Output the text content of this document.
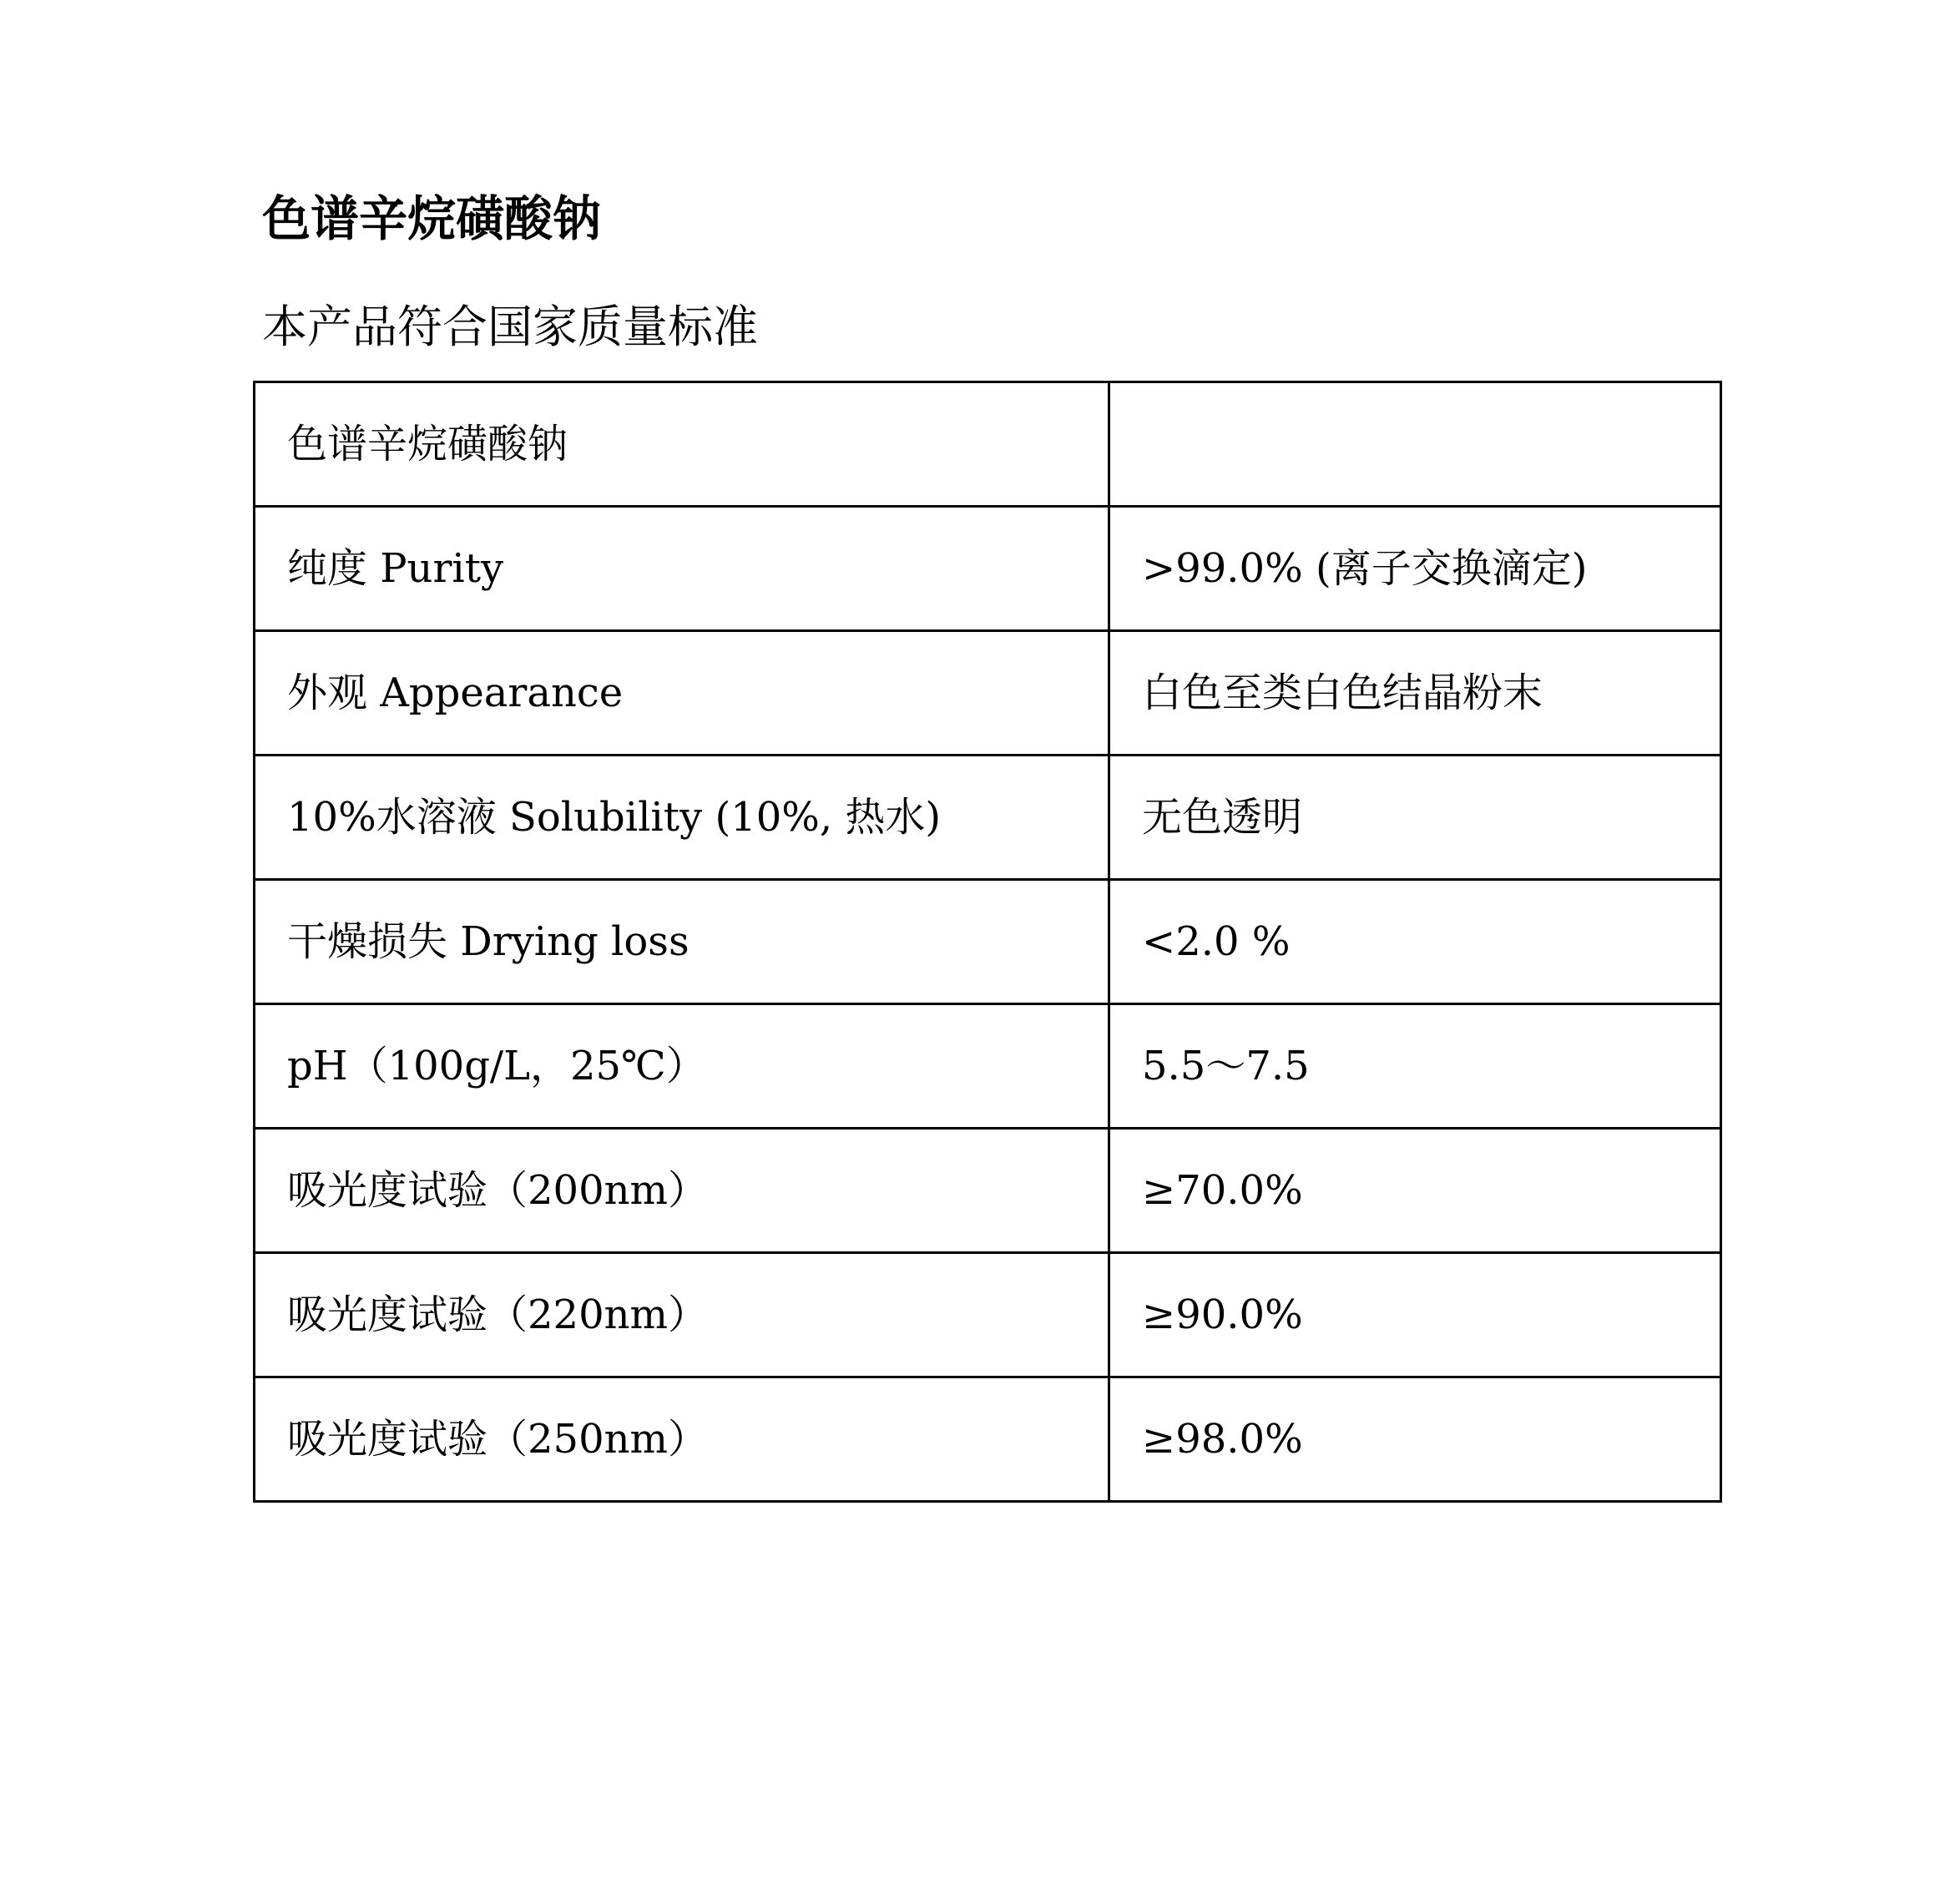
色谱辛烷磺酸钠
本产品符合国家质量标准
色谱辛烷磺酸钠	
纯度 Purity	>99.0% (离子交换滴定)
外观 Appearance	白色至类白色结晶粉末
10%水溶液 Solubility (10%, 热水)	无色透明
干燥损失 Drying loss	<2.0 %
pH（100g/L，25℃）	5.5～7.5
吸光度试验（200nm）	≥70.0%
吸光度试验（220nm）	≥90.0%
吸光度试验（250nm）	≥98.0%
